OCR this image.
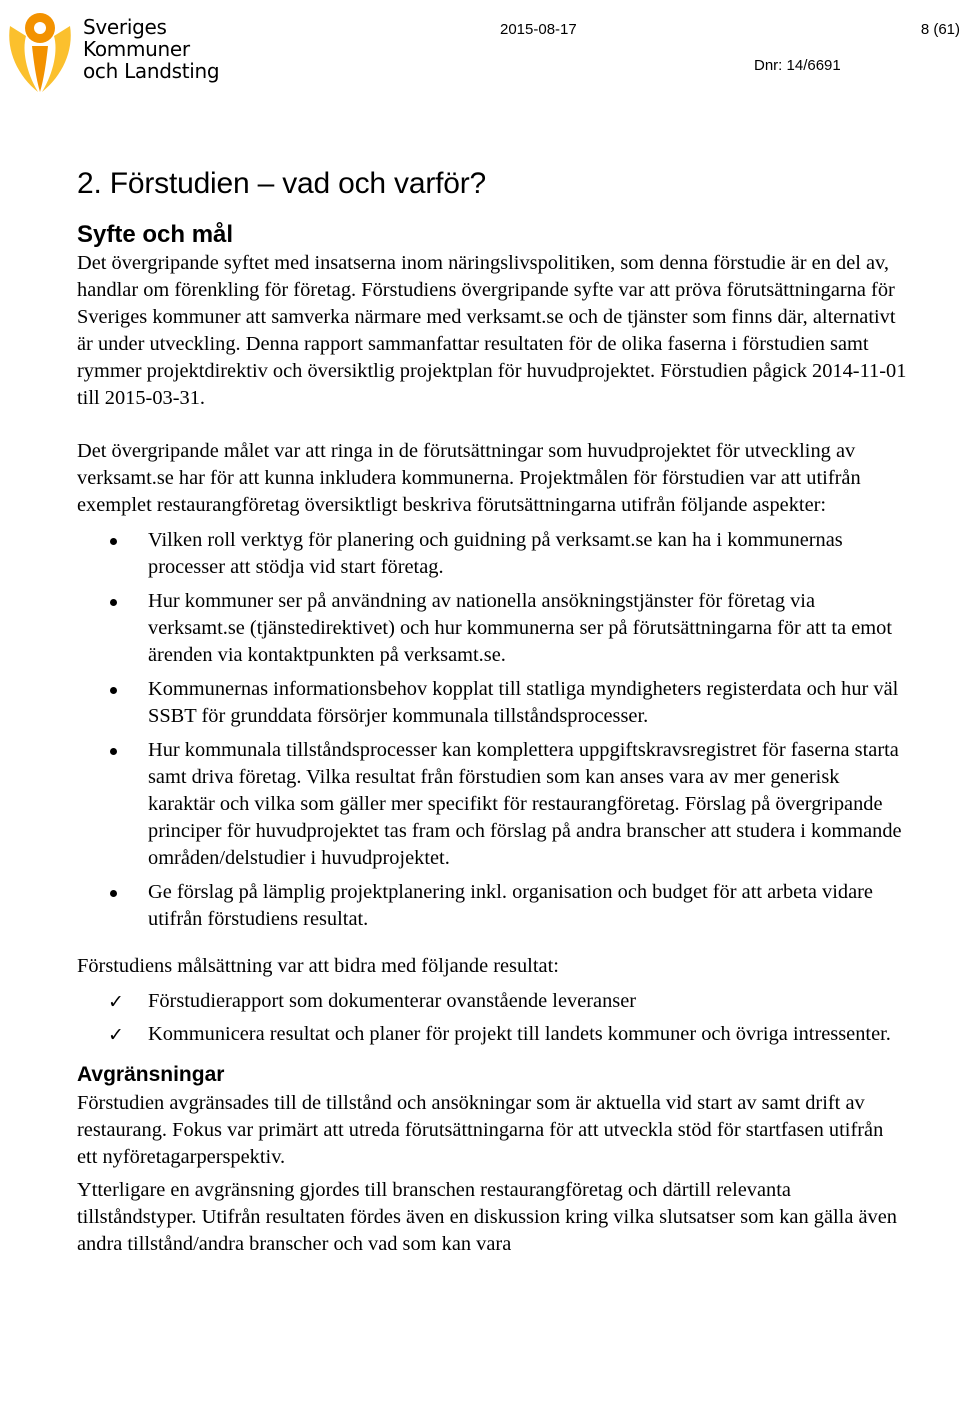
Sveriges
Kommuner
och Landsting
2015-08-17	8 (61)
Dnr: 14/6691
2. Förstudien – vad och varför?
Syfte och mål

Det övergripande syftet med insatserna inom näringslivspolitiken, som denna förstudie är en del av, handlar om förenkling för företag. Förstudiens övergripande syfte var att pröva förutsättningarna för Sveriges kommuner att samverka närmare med verksamt.se och de tjänster som finns där, alternativt är under utveckling. Denna rapport sammanfattar resultaten för de olika faserna i förstudien samt rymmer projektdirektiv och översiktlig projektplan för huvudprojektet. Förstudien pågick 2014-11-01 till 2015-03-31.

Det övergripande målet var att ringa in de förutsättningar som huvudprojektet för utveckling av verksamt.se har för att kunna inkludera kommunerna. Projektmålen för förstudien var att utifrån exemplet restaurangföretag översiktligt beskriva förutsättningarna utifrån följande aspekter:

Vilken roll verktyg för planering och guidning på verksamt.se kan ha i kommunernas processer att stödja vid start företag.
Hur kommuner ser på användning av nationella ansökningstjänster för företag via verksamt.se (tjänstedirektivet) och hur kommunerna ser på förutsättningarna för att ta emot ärenden via kontaktpunkten på verksamt.se.
Kommunernas informationsbehov kopplat till statliga myndigheters registerdata och hur väl SSBT för grunddata försörjer kommunala tillståndsprocesser.
Hur kommunala tillståndsprocesser kan komplettera uppgiftskravsregistret för faserna starta samt driva företag. Vilka resultat från förstudien som kan anses vara av mer generisk karaktär och vilka som gäller mer specifikt för restaurangföretag. Förslag på övergripande principer för huvudprojektet tas fram och förslag på andra branscher att studera i kommande områden/delstudier i huvudprojektet.
Ge förslag på lämplig projektplanering inkl. organisation och budget för att arbeta vidare utifrån förstudiens resultat.

Förstudiens målsättning var att bidra med följande resultat:

✓ Förstudierapport som dokumenterar ovanstående leveranser
✓ Kommunicera resultat och planer för projekt till landets kommuner och övriga intressenter.
Avgränsningar

Förstudien avgränsades till de tillstånd och ansökningar som är aktuella vid start av samt drift av restaurang. Fokus var primärt att utreda förutsättningarna för att utveckla stöd för startfasen utifrån ett nyföretagarperspektiv.

Ytterligare en avgränsning gjordes till branschen restaurangföretag och därtill relevanta tillståndstyper. Utifrån resultaten fördes även en diskussion kring vilka slutsatser som kan gälla även andra tillstånd/andra branscher och vad som kan vara
